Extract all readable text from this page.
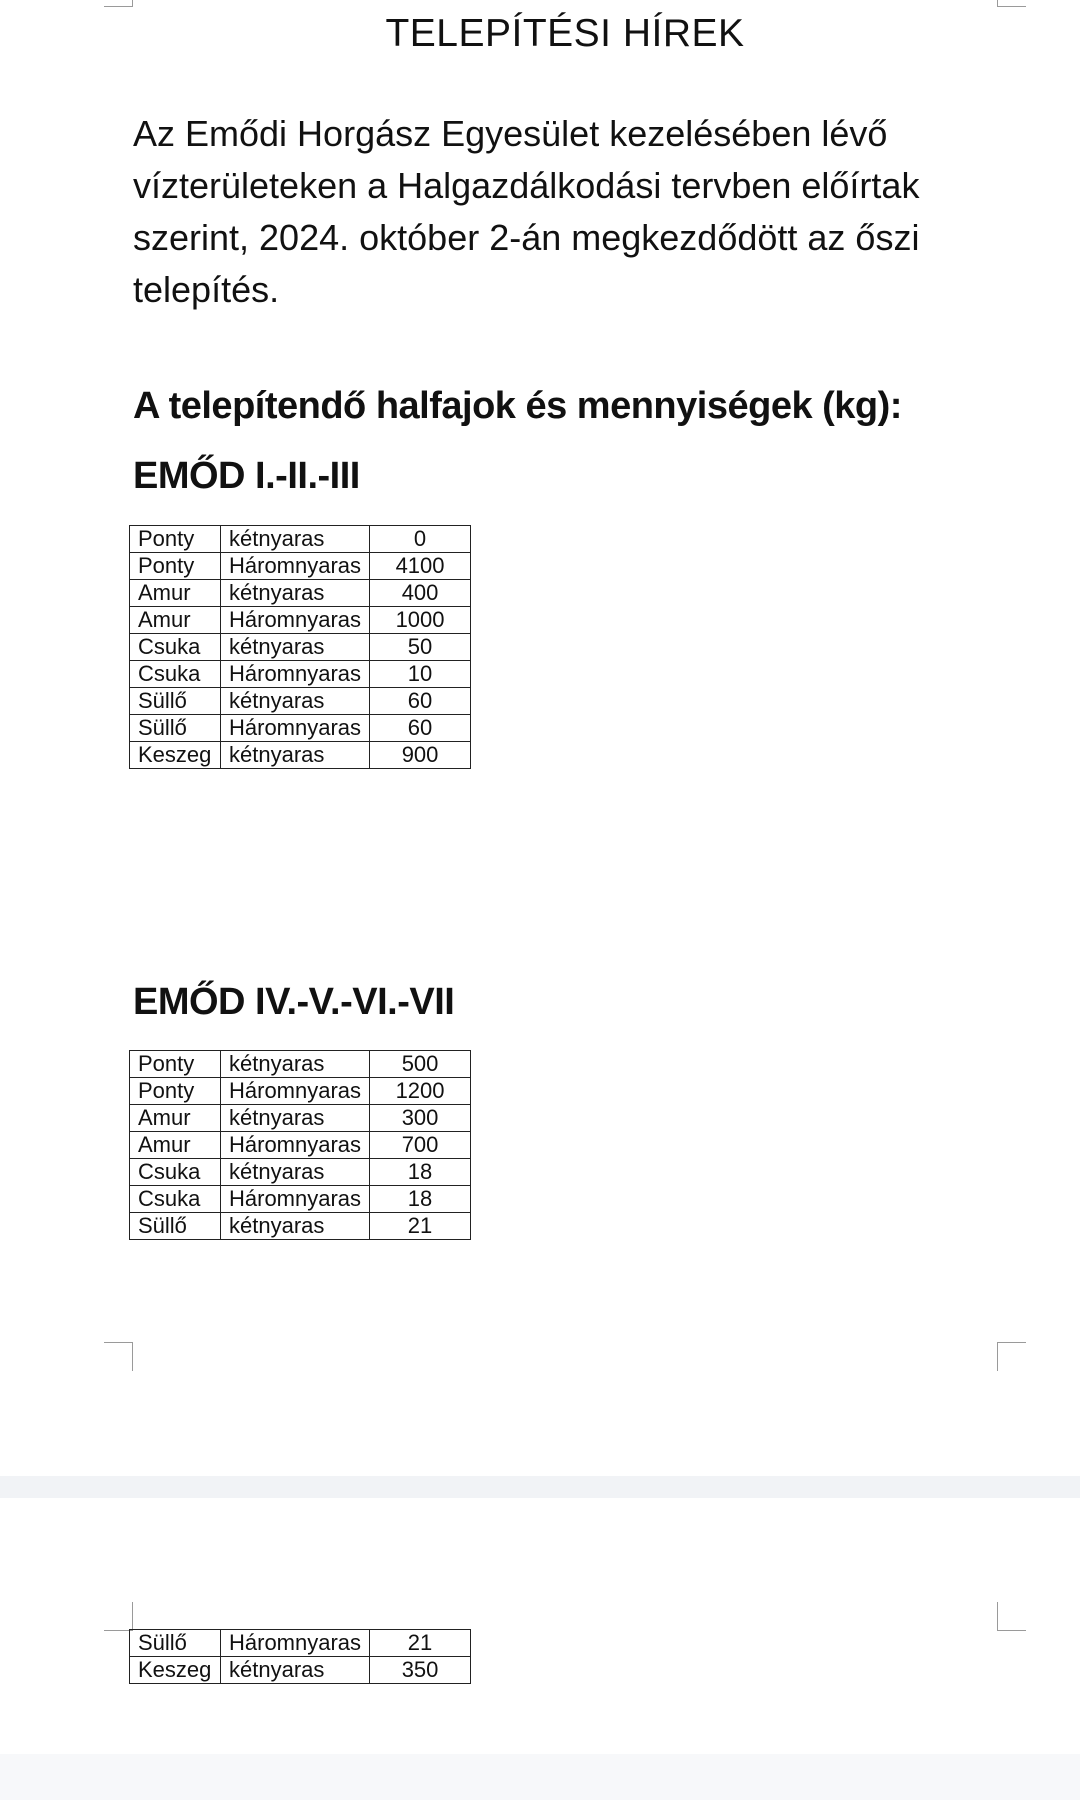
TELEPÍTÉSI HÍREK
Az Emődi Horgász Egyesület kezelésében lévő vízterületeken a Halgazdálkodási tervben előírtak szerint, 2024. október 2-án megkezdődött az őszi telepítés.
A telepítendő halfajok és mennyiségek (kg):
EMŐD I.-II.-III
Ponty	kétnyaras	0
Ponty	Háromnyaras	4100
Amur	kétnyaras	400
Amur	Háromnyaras	1000
Csuka	kétnyaras	50
Csuka	Háromnyaras	10
Süllő	kétnyaras	60
Süllő	Háromnyaras	60
Keszeg	kétnyaras	900
EMŐD IV.-V.-VI.-VII
Ponty	kétnyaras	500
Ponty	Háromnyaras	1200
Amur	kétnyaras	300
Amur	Háromnyaras	700
Csuka	kétnyaras	18
Csuka	Háromnyaras	18
Süllő	kétnyaras	21
Süllő	Háromnyaras	21
Keszeg	kétnyaras	350
